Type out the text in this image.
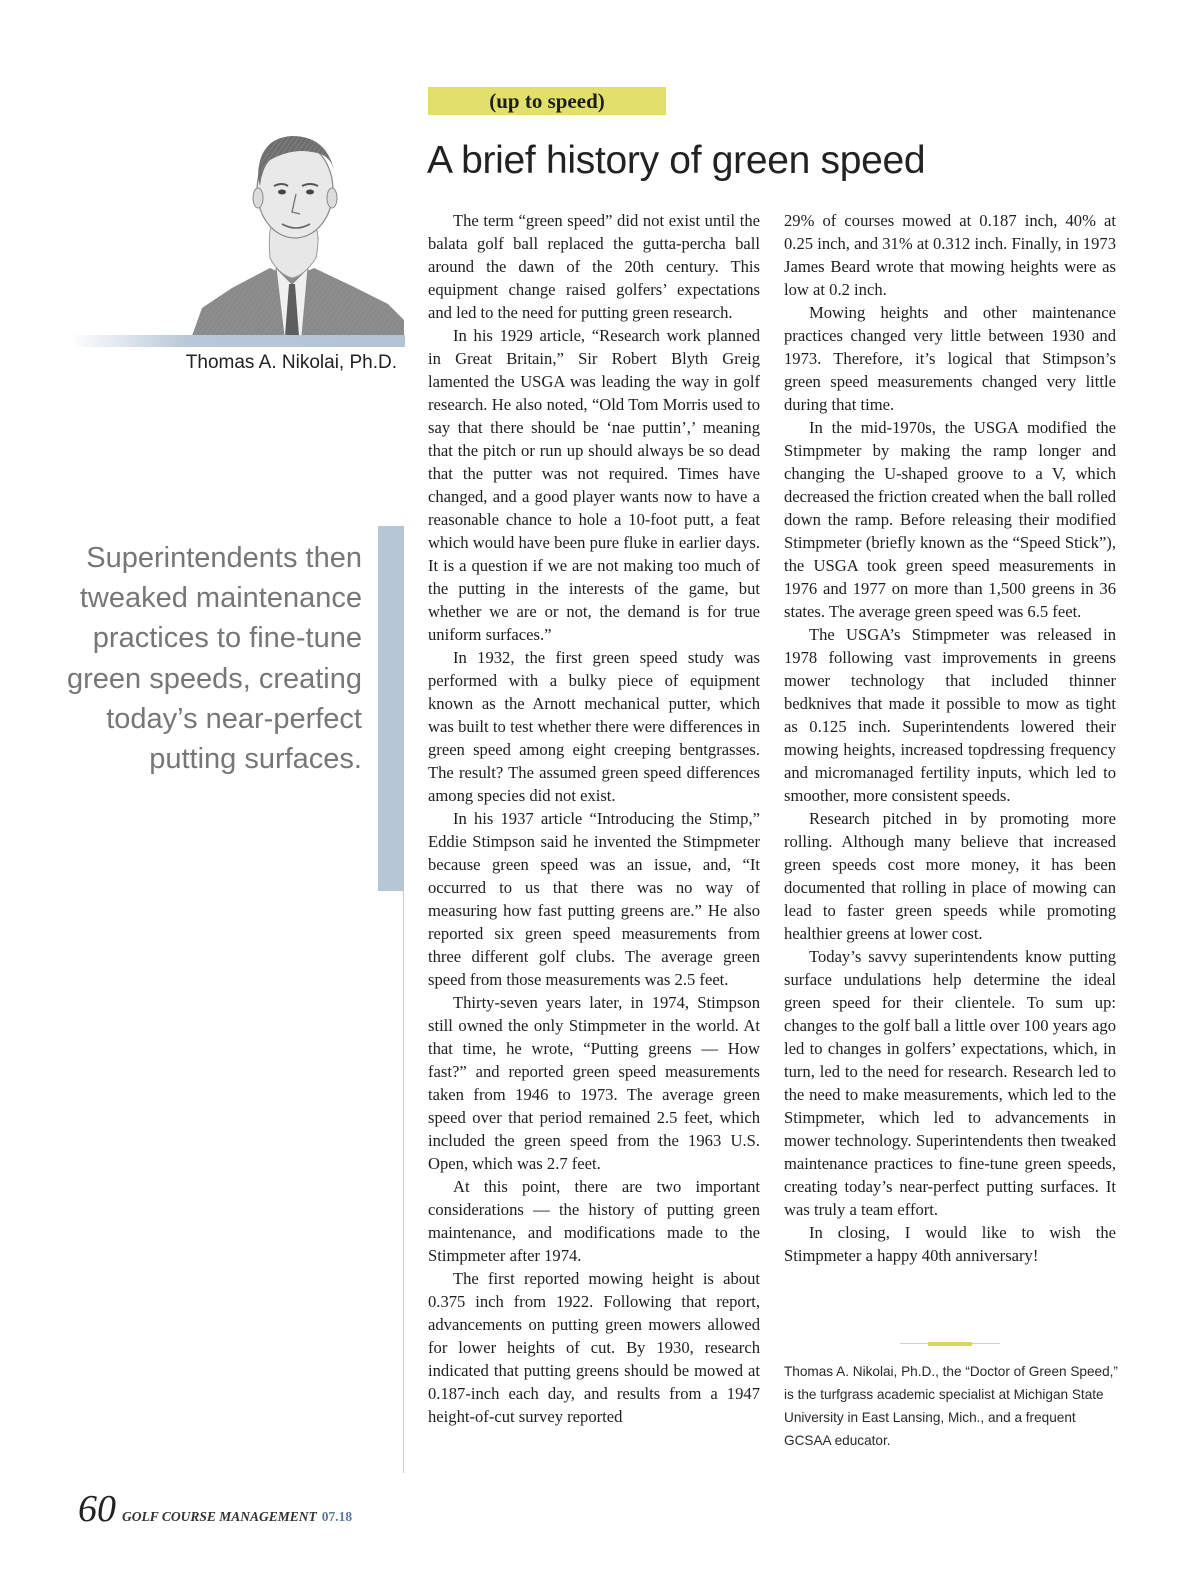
(up to speed)
A brief history of green speed
Thomas A. Nikolai, Ph.D.

Superintendents then tweaked maintenance practices to fine-tune green speeds, creating today’s near-perfect putting surfaces.

The term “green speed” did not exist until the balata golf ball replaced the gutta-percha ball around the dawn of the 20th century. This equipment change raised golfers’ expectations and led to the need for putting green research.

In his 1929 article, “Research work planned in Great Britain,” Sir Robert Blyth Greig lamented the USGA was leading the way in golf research. He also noted, “Old Tom Morris used to say that there should be ‘nae puttin’,’ meaning that the pitch or run up should always be so dead that the putter was not required. Times have changed, and a good player wants now to have a reasonable chance to hole a 10-foot putt, a feat which would have been pure fluke in earlier days. It is a question if we are not making too much of the putting in the interests of the game, but whether we are or not, the demand is for true uniform surfaces.”

In 1932, the first green speed study was performed with a bulky piece of equipment known as the Arnott mechanical putter, which was built to test whether there were differences in green speed among eight creeping bentgrasses. The result? The assumed green speed differences among species did not exist.

In his 1937 article “Introducing the Stimp,” Eddie Stimpson said he invented the Stimpmeter because green speed was an issue, and, “It occurred to us that there was no way of measuring how fast putting greens are.” He also reported six green speed measurements from three different golf clubs. The average green speed from those measurements was 2.5 feet.

Thirty-seven years later, in 1974, Stimpson still owned the only Stimpmeter in the world. At that time, he wrote, “Putting greens — How fast?” and reported green speed measurements taken from 1946 to 1973. The average green speed over that period remained 2.5 feet, which included the green speed from the 1963 U.S. Open, which was 2.7 feet.

At this point, there are two important considerations — the history of putting green maintenance, and modifications made to the Stimpmeter after 1974.

The first reported mowing height is about 0.375 inch from 1922. Following that report, advancements on putting green mowers allowed for lower heights of cut. By 1930, research indicated that putting greens should be mowed at 0.187-inch each day, and results from a 1947 height-of-cut survey reported

29% of courses mowed at 0.187 inch, 40% at 0.25 inch, and 31% at 0.312 inch. Finally, in 1973 James Beard wrote that mowing heights were as low at 0.2 inch.

Mowing heights and other maintenance practices changed very little between 1930 and 1973. Therefore, it’s logical that Stimpson’s green speed measurements changed very little during that time.

In the mid-1970s, the USGA modified the Stimpmeter by making the ramp longer and changing the U-shaped groove to a V, which decreased the friction created when the ball rolled down the ramp. Before releasing their modified Stimpmeter (briefly known as the “Speed Stick”), the USGA took green speed measurements in 1976 and 1977 on more than 1,500 greens in 36 states. The average green speed was 6.5 feet.

The USGA’s Stimpmeter was released in 1978 following vast improvements in greens mower technology that included thinner bedknives that made it possible to mow as tight as 0.125 inch. Superintendents lowered their mowing heights, increased topdressing frequency and micromanaged fertility inputs, which led to smoother, more consistent speeds.

Research pitched in by promoting more rolling. Although many believe that increased green speeds cost more money, it has been documented that rolling in place of mowing can lead to faster green speeds while promoting healthier greens at lower cost.

Today’s savvy superintendents know putting surface undulations help determine the ideal green speed for their clientele. To sum up: changes to the golf ball a little over 100 years ago led to changes in golfers’ expectations, which, in turn, led to the need for research. Research led to the need to make measurements, which led to the Stimpmeter, which led to advancements in mower technology. Superintendents then tweaked maintenance practices to fine-tune green speeds, creating today’s near-perfect putting surfaces. It was truly a team effort.

In closing, I would like to wish the Stimpmeter a happy 40th anniversary!

Thomas A. Nikolai, Ph.D., the “Doctor of Green Speed,” is the turfgrass academic specialist at Michigan State University in East Lansing, Mich., and a frequent GCSAA educator.

60 GOLF COURSE MANAGEMENT 07.18
